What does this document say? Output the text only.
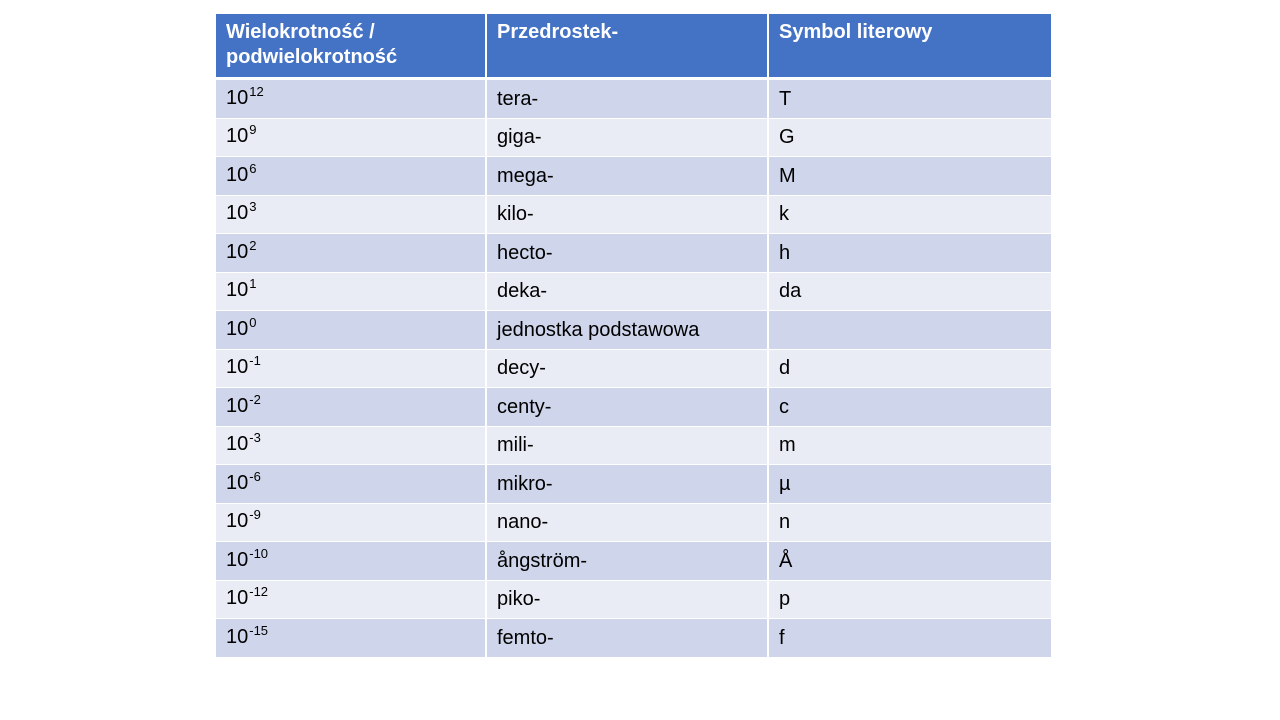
Wielokrotność / podwielokrotność	Przedrostek-	Symbol literowy
$10^{12}$	tera-	T
$10^9$	giga-	G
$10^6$	mega-	M
$10^3$	kilo-	k
$10^2$	hecto-	h
$10^1$	deka-	da
$10^0$	jednostka podstawowa	
$10^{-1}$	decy-	d
$10^{-2}$	centy-	c
$10^{-3}$	mili-	m
$10^{-6}$	mikro-	µ
$10^{-9}$	nano-	n
$10^{-10}$	ångström-	Å
$10^{-12}$	piko-	p
$10^{-15}$	femto-	f
